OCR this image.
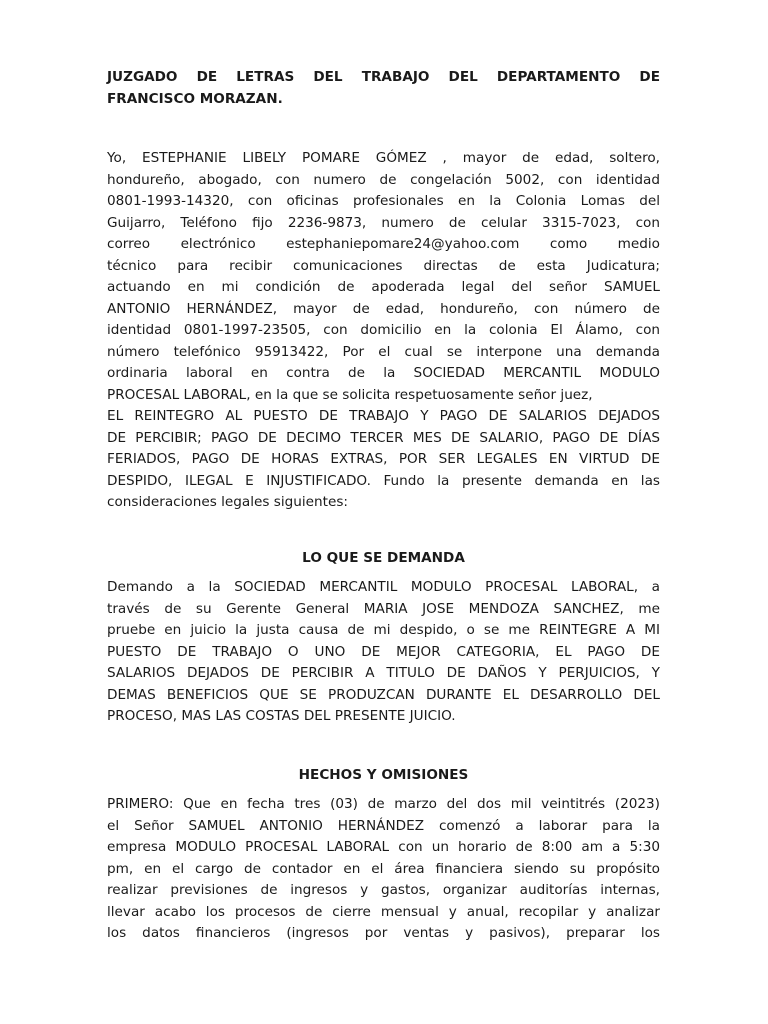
JUZGADO DE LETRAS DEL TRABAJO DEL DEPARTAMENTO DE
FRANCISCO MORAZAN.
Yo, ESTEPHANIE LIBELY POMARE GÓMEZ , mayor de edad, soltero,
hondureño, abogado, con numero de congelación 5002, con identidad
0801-1993-14320, con oficinas profesionales en la Colonia Lomas del
Guijarro, Teléfono fijo 2236-9873, numero de celular 3315-7023, con
correo electrónico estephaniepomare24@yahoo.com como medio
técnico para recibir comunicaciones directas de esta Judicatura;
actuando en mi condición de apoderada legal del señor SAMUEL
ANTONIO HERNÁNDEZ, mayor de edad, hondureño, con número de
identidad 0801-1997-23505, con domicilio en la colonia El Álamo, con
número telefónico 95913422, Por el cual se interpone una demanda
ordinaria laboral en contra de la SOCIEDAD MERCANTIL MODULO
PROCESAL LABORAL, en la que se solicita respetuosamente señor juez,
EL REINTEGRO AL PUESTO DE TRABAJO Y PAGO DE SALARIOS DEJADOS
DE PERCIBIR; PAGO DE DECIMO TERCER MES DE SALARIO, PAGO DE DÍAS
FERIADOS, PAGO DE HORAS EXTRAS, POR SER LEGALES EN VIRTUD DE
DESPIDO, ILEGAL E INJUSTIFICADO. Fundo la presente demanda en las
consideraciones legales siguientes:
LO QUE SE DEMANDA
Demando a la SOCIEDAD MERCANTIL MODULO PROCESAL LABORAL, a
través de su Gerente General MARIA JOSE MENDOZA SANCHEZ, me
pruebe en juicio la justa causa de mi despido, o se me REINTEGRE A MI
PUESTO DE TRABAJO O UNO DE MEJOR CATEGORIA, EL PAGO DE
SALARIOS DEJADOS DE PERCIBIR A TITULO DE DAÑOS Y PERJUICIOS, Y
DEMAS BENEFICIOS QUE SE PRODUZCAN DURANTE EL DESARROLLO DEL
PROCESO, MAS LAS COSTAS DEL PRESENTE JUICIO.
HECHOS Y OMISIONES
PRIMERO: Que en fecha tres (03) de marzo del dos mil veintitrés (2023)
el Señor SAMUEL ANTONIO HERNÁNDEZ comenzó a laborar para la
empresa MODULO PROCESAL LABORAL con un horario de 8:00 am a 5:30
pm, en el cargo de contador en el área financiera siendo su propósito
realizar previsiones de ingresos y gastos, organizar auditorías internas,
llevar acabo los procesos de cierre mensual y anual, recopilar y analizar
los datos financieros (ingresos por ventas y pasivos), preparar los
